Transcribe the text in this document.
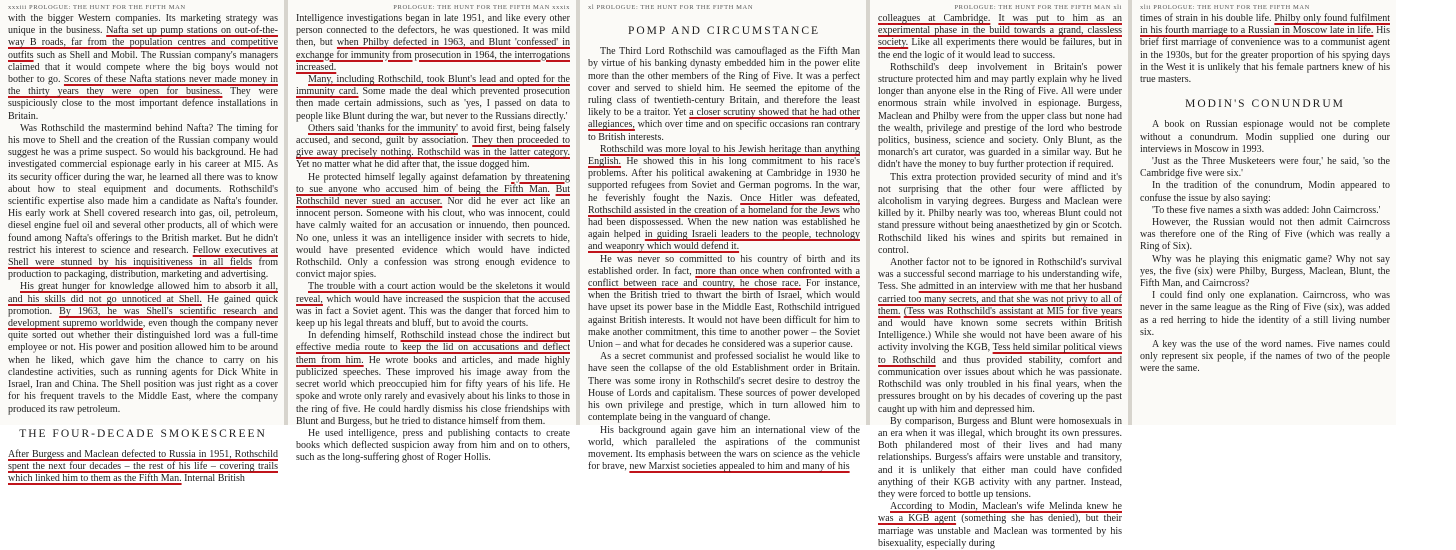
xxxiii PROLOGUE: THE HUNT FOR THE FIFTH MAN

with the bigger Western companies. Its marketing strategy was unique in the business. Nafta set up pump stations on out-of-the-way B roads, far from the population centres and competitive outfits such as Shell and Mobil. The Russian company's managers claimed that it would compete where the big boys would not bother to go. Scores of these Nafta stations never made money in the thirty years they were open for business. They were suspiciously close to the most important defence installations in Britain.

Was Rothschild the mastermind behind Nafta? The timing for his move to Shell and the creation of the Russian company would suggest he was a prime suspect. So would his background. He had investigated commercial espionage early in his career at MI5. As its security officer during the war, he learned all there was to know about how to steal equipment and documents. Rothschild's scientific expertise also made him a candidate as Nafta's founder. His early work at Shell covered research into gas, oil, petroleum, diesel engine fuel oil and several other products, all of which were found among Nafta's offerings to the British market. But he didn't restrict his interest to science and research. Fellow executives at Shell were stunned by his inquisitiveness in all fields from production to packaging, distribution, marketing and advertising.

His great hunger for knowledge allowed him to absorb it all, and his skills did not go unnoticed at Shell. He gained quick promotion. By 1963, he was Shell's scientific research and development supremo worldwide, even though the company never quite sorted out whether their distinguished lord was a full-time employee or not. His power and position allowed him to be around when he liked, which gave him the chance to carry on his clandestine activities, such as running agents for Dick White in Israel, Iran and China. The Shell position was just right as a cover for his frequent travels to the Middle East, where the company produced its raw petroleum.

THE FOUR-DECADE SMOKESCREEN

After Burgess and Maclean defected to Russia in 1951, Rothschild spent the next four decades – the rest of his life – covering trails which linked him to them as the Fifth Man. Internal British

PROLOGUE: THE HUNT FOR THE FIFTH MAN xxxix

Intelligence investigations began in late 1951, and like every other person connected to the defectors, he was questioned. It was mild then, but when Philby defected in 1963, and Blunt 'confessed' in exchange for immunity from prosecution in 1964, the interrogations increased.

Many, including Rothschild, took Blunt's lead and opted for the immunity card. Some made the deal which prevented prosecution then made certain admissions, such as 'yes, I passed on data to people like Blunt during the war, but never to the Russians directly.'

Others said 'thanks for the immunity' to avoid first, being falsely accused, and second, guilt by association. They then proceeded to give away precisely nothing. Rothschild was in the latter category. Yet no matter what he did after that, the issue dogged him.

He protected himself legally against defamation by threatening to sue anyone who accused him of being the Fifth Man. But Rothschild never sued an accuser. Nor did he ever act like an innocent person. Someone with his clout, who was innocent, could have calmly waited for an accusation or innuendo, then pounced. No one, unless it was an intelligence insider with secrets to hide, would have presented evidence which would have indicted Rothschild. Only a confession was strong enough evidence to convict major spies.

The trouble with a court action would be the skeletons it would reveal, which would have increased the suspicion that the accused was in fact a Soviet agent. This was the danger that forced him to keep up his legal threats and bluff, but to avoid the courts.

In defending himself, Rothschild instead chose the indirect but effective media route to keep the lid on accusations and deflect them from him. He wrote books and articles, and made highly publicized speeches. These improved his image away from the secret world which preoccupied him for fifty years of his life. He spoke and wrote only rarely and evasively about his links to those in the ring of five. He could hardly dismiss his close friendships with Blunt and Burgess, but he tried to distance himself from them.

He used intelligence, press and publishing contacts to create books which deflected suspicion away from him and on to others, such as the long-suffering ghost of Roger Hollis.

xl PROLOGUE: THE HUNT FOR THE FIFTH MAN
POMP AND CIRCUMSTANCE

The Third Lord Rothschild was camouflaged as the Fifth Man by virtue of his banking dynasty embedded him in the power elite more than the other members of the Ring of Five. It was a perfect cover and served to shield him. He seemed the epitome of the ruling class of twentieth-century Britain, and therefore the least likely to be a traitor. Yet a closer scrutiny showed that he had other allegiances, which over time and on specific occasions ran contrary to British interests.

Rothschild was more loyal to his Jewish heritage than anything English. He showed this in his long commitment to his race's problems. After his political awakening at Cambridge in 1930 he supported refugees from Soviet and German pogroms. In the war, he feverishly fought the Nazis. Once Hitler was defeated, Rothschild assisted in the creation of a homeland for the Jews who had been dispossessed. When the new nation was established he again helped in guiding Israeli leaders to the people, technology and weaponry which would defend it.

He was never so committed to his country of birth and its established order. In fact, more than once when confronted with a conflict between race and country, he chose race. For instance, when the British tried to thwart the birth of Israel, which would have upset its power base in the Middle East, Rothschild intrigued against British interests. It would not have been difficult for him to make another commitment, this time to another power – the Soviet Union – and what for decades he considered was a superior cause.

As a secret communist and professed socialist he would like to have seen the collapse of the old Establishment order in Britain. There was some irony in Rothschild's secret desire to destroy the House of Lords and capitalism. These sources of power developed his own privilege and prestige, which in turn allowed him to contemplate being in the vanguard of change.

His background again gave him an international view of the world, which paralleled the aspirations of the communist movement. Its emphasis between the wars on science as the vehicle for brave, new Marxist societies appealed to him and many of his

PROLOGUE: THE HUNT FOR THE FIFTH MAN xli

colleagues at Cambridge. It was put to him as an experimental phase in the build towards a grand, classless society. Like all experiments there would be failures, but in the end the logic of it would lead to success.

Rothschild's deep involvement in Britain's power structure protected him and may partly explain why he lived longer than anyone else in the Ring of Five. All were under enormous strain while involved in espionage. Burgess, Maclean and Philby were from the upper class but none had the wealth, privilege and prestige of the lord who bestrode politics, business, science and society. Only Blunt, as the monarch's art curator, was guarded in a similar way. But he didn't have the money to buy further protection if required.

This extra protection provided security of mind and it's not surprising that the other four were afflicted by alcoholism in varying degrees. Burgess and Maclean were killed by it. Philby nearly was too, whereas Blunt could not stand pressure without being anaesthetized by gin or Scotch. Rothschild liked his wines and spirits but remained in control.

Another factor not to be ignored in Rothschild's survival was a successful second marriage to his understanding wife, Tess. She admitted in an interview with me that her husband carried too many secrets, and that she was not privy to all of them. (Tess was Rothschild's assistant at MI5 for five years and would have known some secrets within British Intelligence.) While she would not have been aware of his activity involving the KGB, Tess held similar political views to Rothschild and thus provided stability, comfort and communication over issues about which he was passionate. Rothschild was only troubled in his final years, when the pressures brought on by his decades of covering up the past caught up with him and depressed him.

By comparison, Burgess and Blunt were homosexuals in an era when it was illegal, which brought its own pressures. Both philandered most of their lives and had many relationships. Burgess's affairs were unstable and transitory, and it is unlikely that either man could have confided anything of their KGB activity with any partner. Instead, they were forced to bottle up tensions.

According to Modin, Maclean's wife Melinda knew he was a KGB agent (something she has denied), but their marriage was unstable and Maclean was tormented by his bisexuality, especially during

xlii PROLOGUE: THE HUNT FOR THE FIFTH MAN

times of strain in his double life. Philby only found fulfilment in his fourth marriage to a Russian in Moscow late in life. His brief first marriage of convenience was to a communist agent in the 1930s, but for the greater proportion of his spying days in the West it is unlikely that his female partners knew of his true masters.

MODIN'S CONUNDRUM

A book on Russian espionage would not be complete without a conundrum. Modin supplied one during our interviews in Moscow in 1993.

'Just as the Three Musketeers were four,' he said, 'so the Cambridge five were six.'

In the tradition of the conundrum, Modin appeared to confuse the issue by also saying:

'To these five names a sixth was added: John Cairncross.'

However, the Russian would not then admit Cairncross was therefore one of the Ring of Five (which was really a Ring of Six).

Why was he playing this enigmatic game? Why not say yes, the five (six) were Philby, Burgess, Maclean, Blunt, the Fifth Man, and Cairncross?

I could find only one explanation. Cairncross, who was never in the same league as the Ring of Five (six), was added as a red herring to hide the identity of a still living number six.

A key was the use of the word names. Five names could only represent six people, if the names of two of the people were the same.
